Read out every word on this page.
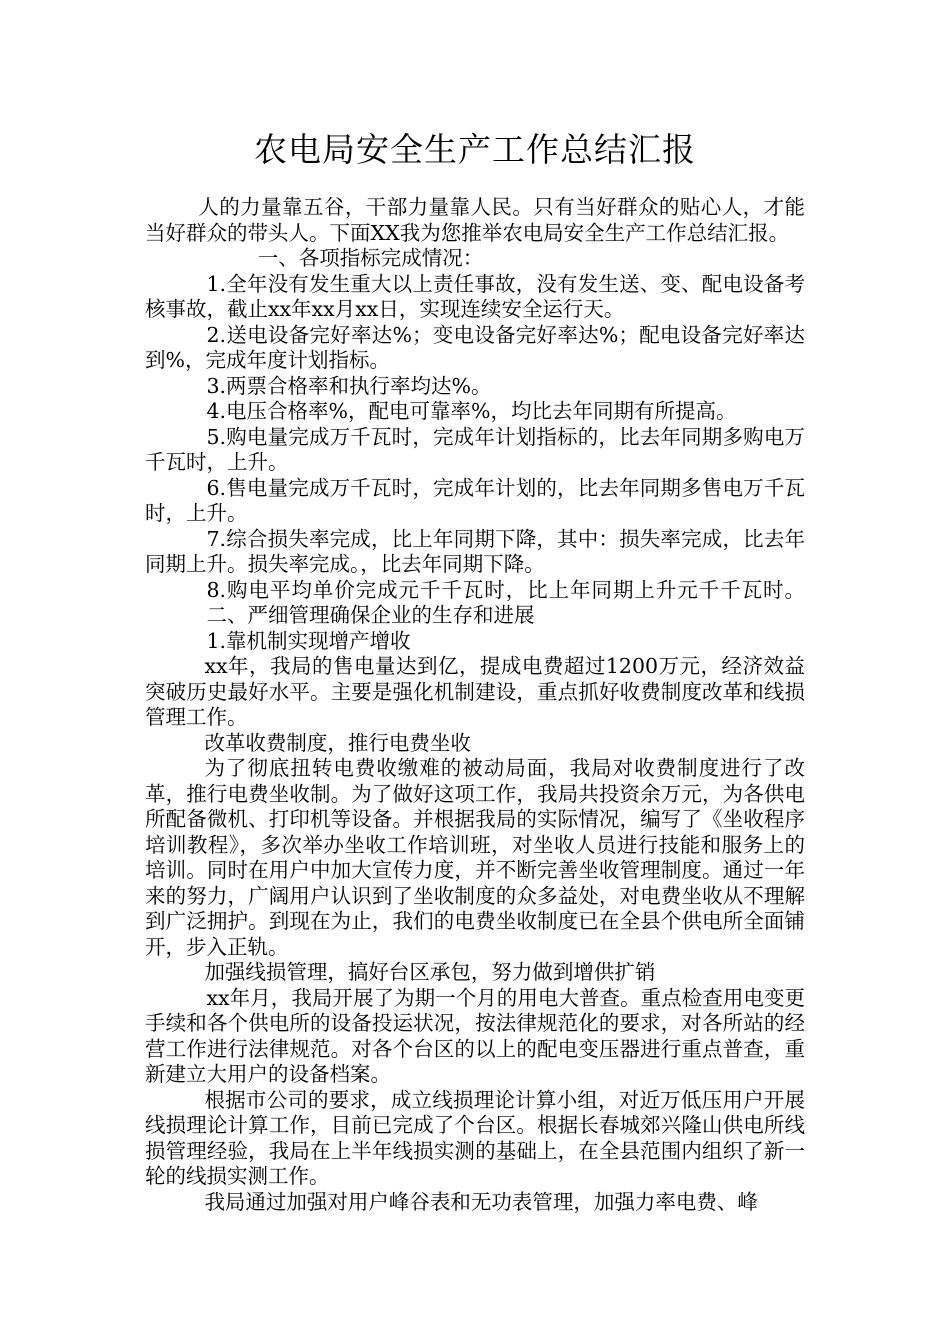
农电局安全生产工作总结汇报

人的力量靠五谷，干部力量靠人民。只有当好群众的贴心人，才能当好群众的带头人。下面XX我为您推举农电局安全生产工作总结汇报。

一、各项指标完成情况：

1.全年没有发生重大以上责任事故，没有发生送、变、配电设备考核事故，截止xx年xx月xx日，实现连续安全运行天。

2.送电设备完好率达%；变电设备完好率达%；配电设备完好率达到%，完成年度计划指标。

3.两票合格率和执行率均达%。

4.电压合格率%，配电可靠率%，均比去年同期有所提高。

5.购电量完成万千瓦时，完成年计划指标的，比去年同期多购电万千瓦时，上升。

6.售电量完成万千瓦时，完成年计划的，比去年同期多售电万千瓦时，上升。

7.综合损失率完成，比上年同期下降，其中：损失率完成，比去年同期上升。损失率完成。，比去年同期下降。

8.购电平均单价完成元千千瓦时，比上年同期上升元千千瓦时。二、严细管理确保企业的生存和进展

1.靠机制实现增产增收

xx年，我局的售电量达到亿，提成电费超过1200万元，经济效益突破历史最好水平。主要是强化机制建设，重点抓好收费制度改革和线损管理工作。

改革收费制度，推行电费坐收

为了彻底扭转电费收缴难的被动局面，我局对收费制度进行了改革，推行电费坐收制。为了做好这项工作，我局共投资余万元，为各供电所配备微机、打印机等设备。并根据我局的实际情况，编写了《坐收程序培训教程》，多次举办坐收工作培训班，对坐收人员进行技能和服务上的培训。同时在用户中加大宣传力度，并不断完善坐收管理制度。通过一年来的努力，广阔用户认识到了坐收制度的众多益处，对电费坐收从不理解到广泛拥护。到现在为止，我们的电费坐收制度已在全县个供电所全面铺开，步入正轨。

加强线损管理，搞好台区承包，努力做到增供扩销

xx年月，我局开展了为期一个月的用电大普查。重点检查用电变更手续和各个供电所的设备投运状况，按法律规范化的要求，对各所站的经营工作进行法律规范。对各个台区的以上的配电变压器进行重点普查，重新建立大用户的设备档案。

根据市公司的要求，成立线损理论计算小组，对近万低压用户开展线损理论计算工作，目前已完成了个台区。根据长春城郊兴隆山供电所线损管理经验，我局在上半年线损实测的基础上，在全县范围内组织了新一轮的线损实测工作。

我局通过加强对用户峰谷表和无功表管理，加强力率电费、峰
